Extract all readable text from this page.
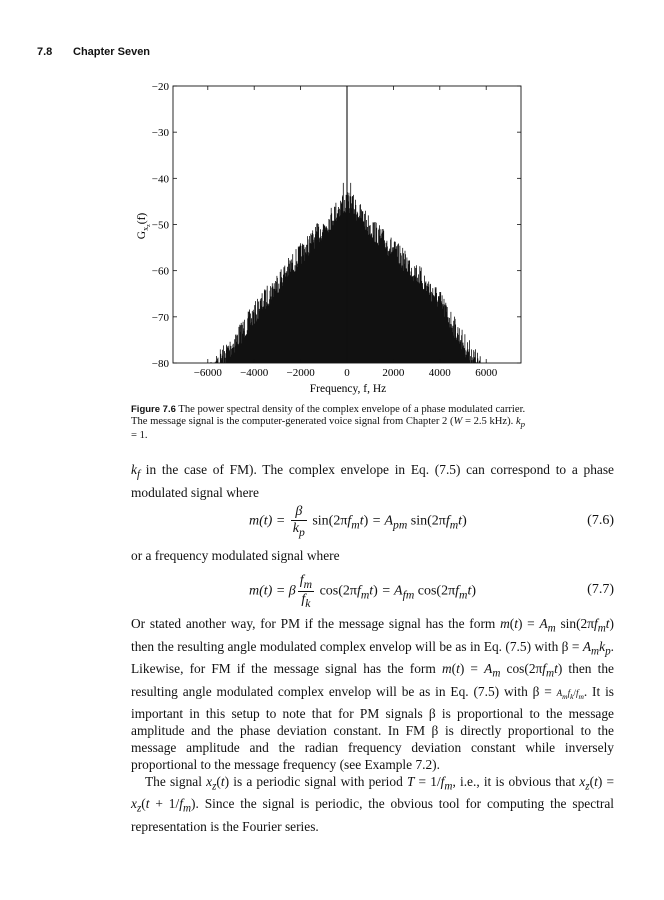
7.8 Chapter Seven
−6000 −4000 −2000	0	2000 4000 6000
−20
−30
−40
−50
−60
−70
−80
Frequency, f, Hz
$G_xz(f)$
Figure 7.6 The power spectral density of the complex envelope of a phase modulated carrier. The message signal is the computer-generated voice signal from Chapter 2 (W = 2.5 kHz). $k_p = 1$.
$k_f$ in the case of FM). The complex envelope in Eq. (7.5) can correspond to a phase modulated signal where
$m(t) = \frac{\beta}{k_p} \sin(2\pi f_mt) = A_{pm}$ $\sin(2\pi f_mt)$	(7.6)
or a frequency modulated signal where
m(t) = β $\frac{f_m}{f_k} \cos(2\pi f_mt) = A_{fm}$ $\cos(2\pi f_mt)$	(7.7)
Or stated another way, for PM if the message signal has the form $m(t) = A_m$ $\sin(2\pi f_mt)$ then the resulting angle modulated complex envelop will be as in Eq. (7.5) with $\beta = A_mk_p$. Likewise, for FM if the message signal has the form $m(t) = A_m$ $\cos(2\pi f_mt)$ then the resulting angle modulated complex envelop will be as in Eq. (7.5) with $\beta = A_mf_k/f_m$. It is important in this setup to note that for PM signals β is proportional to the message amplitude and the phase deviation constant. In FM β is directly proportional to the message amplitude and the radian frequency deviation constant while inversely proportional to the message frequency (see Example 7.2).
The signal $x_z(t)$ is a periodic signal with period $T = 1/f_m$, i.e., it is obvious that $x_z(t) = x_z(t + 1/f_m)$. Since the signal is periodic, the obvious tool for computing the spectral representation is the Fourier series.
